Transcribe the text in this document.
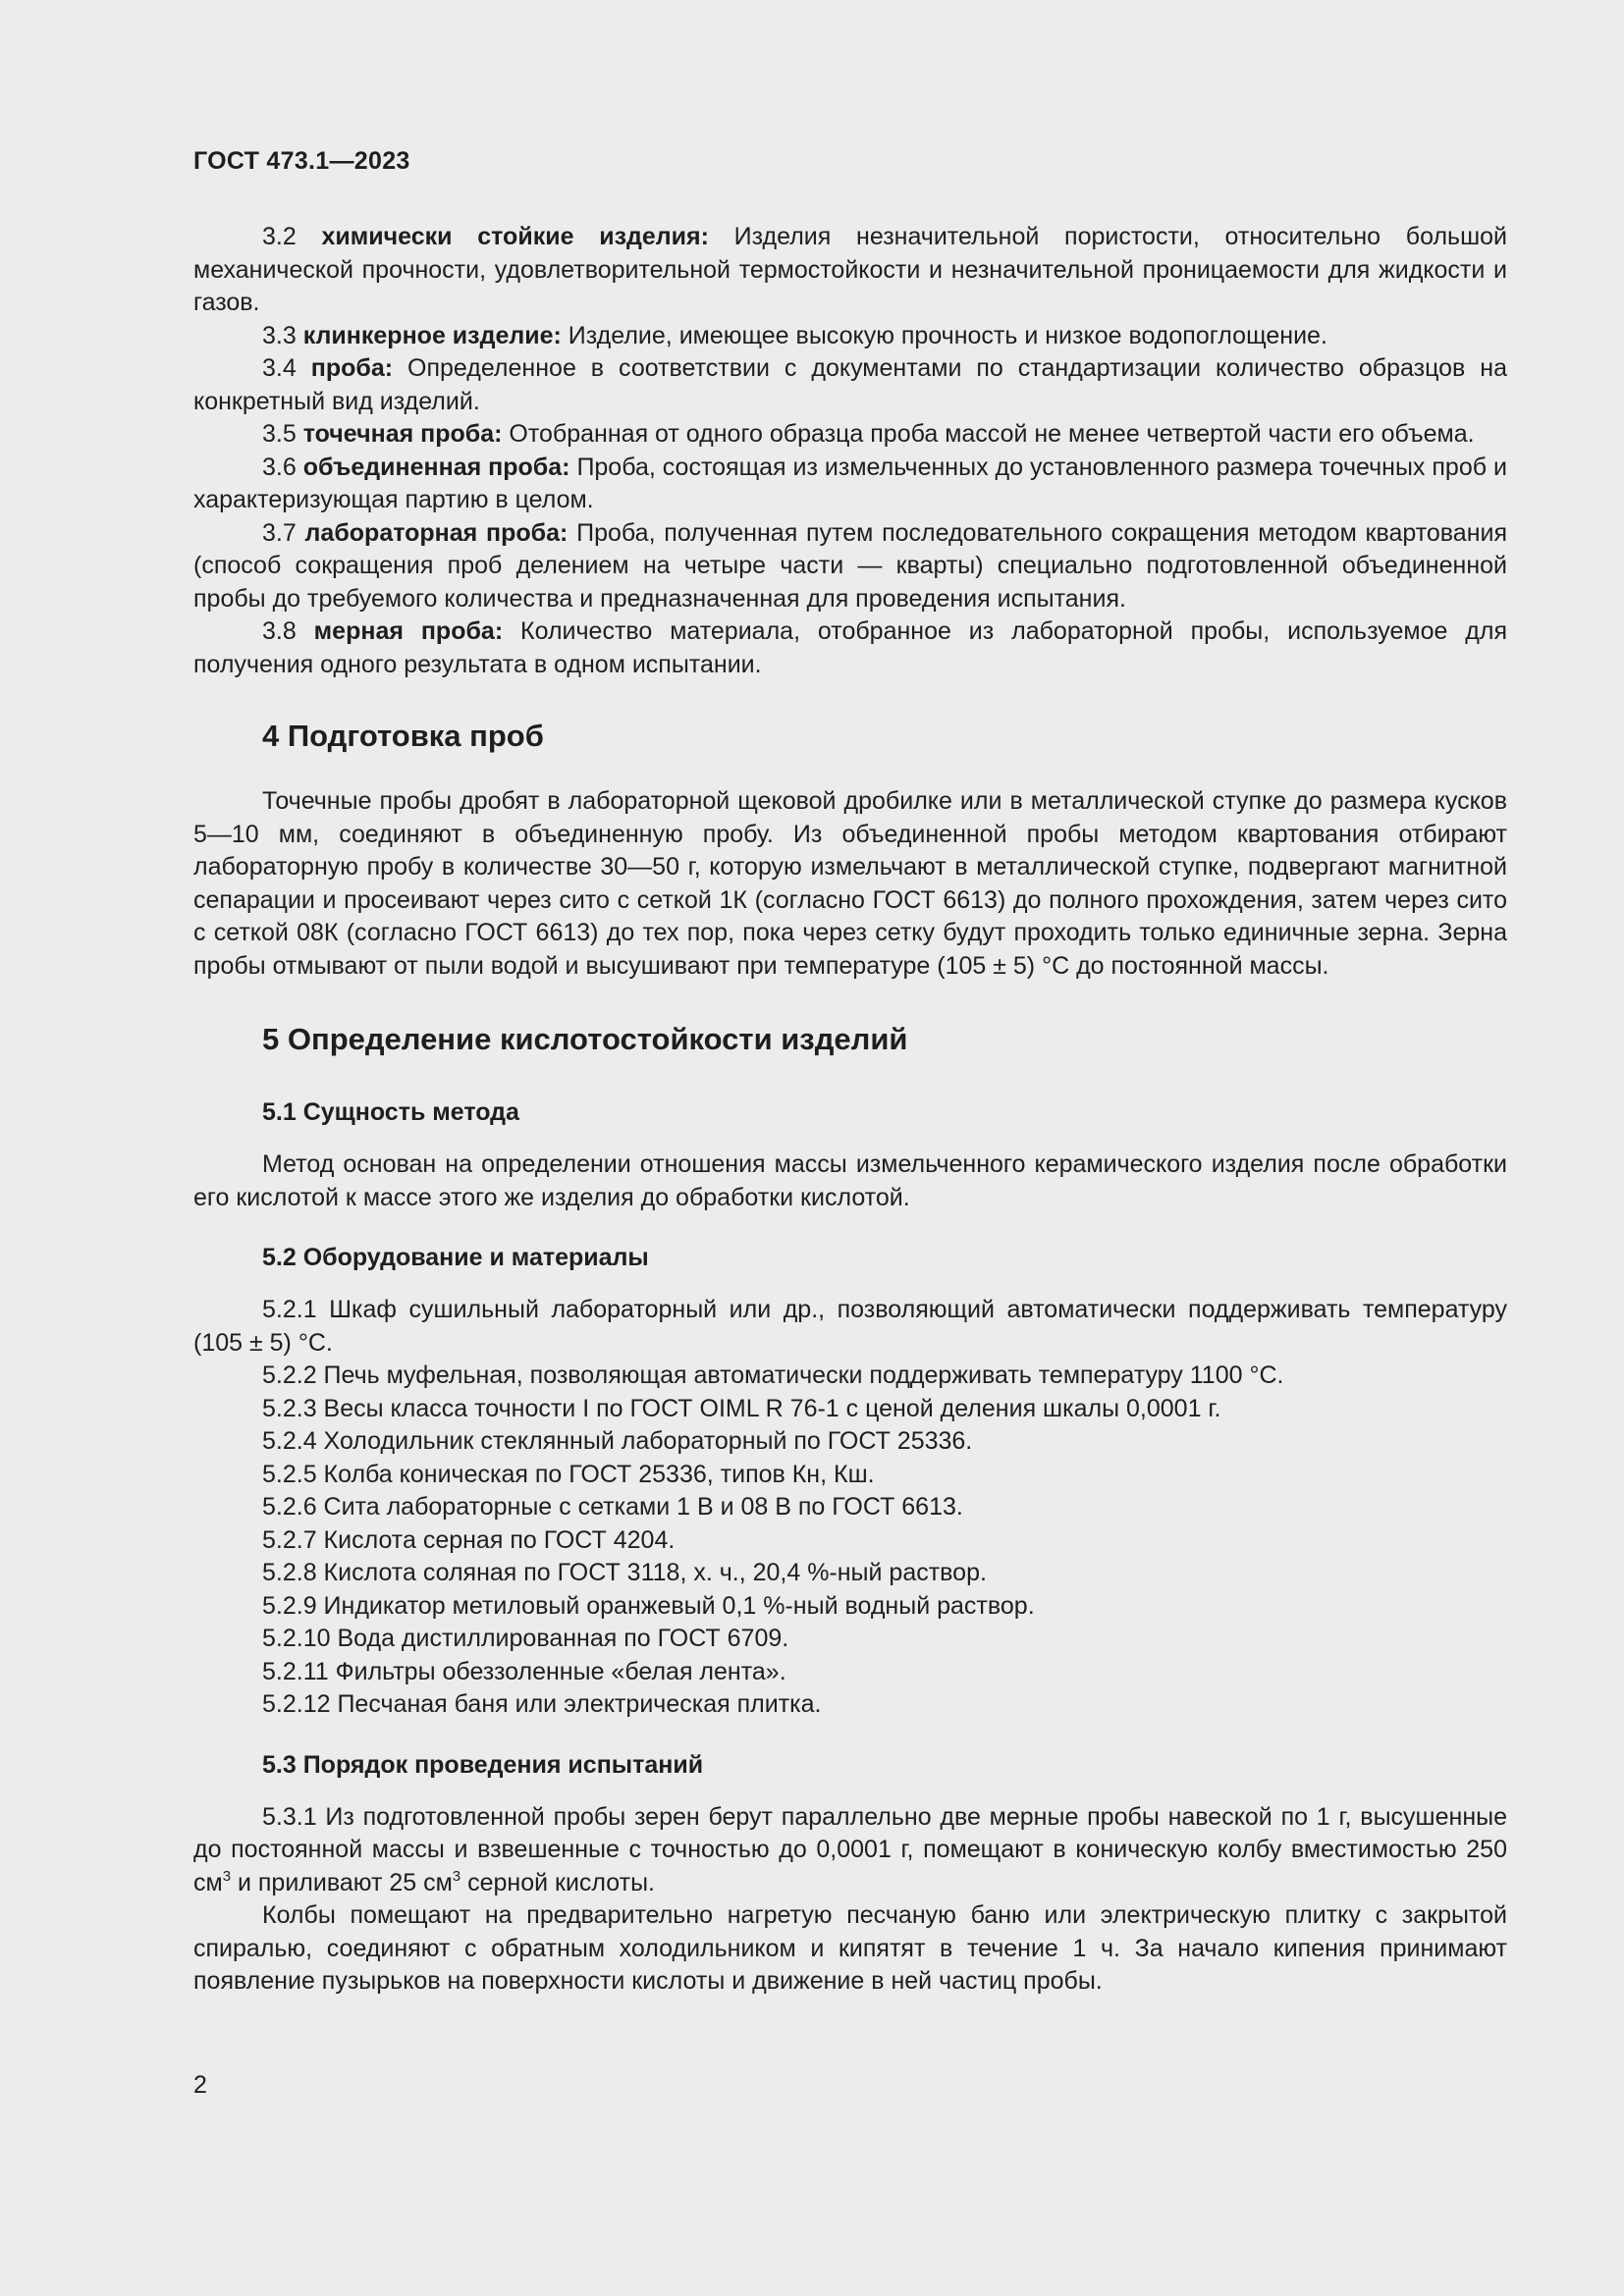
ГОСТ 473.1—2023

3.2 химически стойкие изделия: Изделия незначительной пористости, относительно большой механической прочности, удовлетворительной термостойкости и незначительной проницаемости для жидкости и газов.

3.3 клинкерное изделие: Изделие, имеющее высокую прочность и низкое водопоглощение.

3.4 проба: Определенное в соответствии с документами по стандартизации количество образцов на конкретный вид изделий.

3.5 точечная проба: Отобранная от одного образца проба массой не менее четвертой части его объема.

3.6 объединенная проба: Проба, состоящая из измельченных до установленного размера точечных проб и характеризующая партию в целом.

3.7 лабораторная проба: Проба, полученная путем последовательного сокращения методом квартования (способ сокращения проб делением на четыре части — кварты) специально подготовленной объединенной пробы до требуемого количества и предназначенная для проведения испытания.

3.8 мерная проба: Количество материала, отобранное из лабораторной пробы, используемое для получения одного результата в одном испытании.

4 Подготовка проб

Точечные пробы дробят в лабораторной щековой дробилке или в металлической ступке до размера кусков 5—10 мм, соединяют в объединенную пробу. Из объединенной пробы методом квартования отбирают лабораторную пробу в количестве 30—50 г, которую измельчают в металлической ступке, подвергают магнитной сепарации и просеивают через сито с сеткой 1К (согласно ГОСТ 6613) до полного прохождения, затем через сито с сеткой 08К (согласно ГОСТ 6613) до тех пор, пока через сетку будут проходить только единичные зерна. Зерна пробы отмывают от пыли водой и высушивают при температуре (105 ± 5) °С до постоянной массы.

5 Определение кислотостойкости изделий
5.1 Сущность метода

Метод основан на определении отношения массы измельченного керамического изделия после обработки его кислотой к массе этого же изделия до обработки кислотой.

5.2 Оборудование и материалы

5.2.1 Шкаф сушильный лабораторный или др., позволяющий автоматически поддерживать температуру (105 ± 5) °С.

5.2.2 Печь муфельная, позволяющая автоматически поддерживать температуру 1100 °С.

5.2.3 Весы класса точности I по ГОСТ OIML R 76-1 с ценой деления шкалы 0,0001 г.

5.2.4 Холодильник стеклянный лабораторный по ГОСТ 25336.

5.2.5 Колба коническая по ГОСТ 25336, типов Кн, Кш.

5.2.6 Сита лабораторные с сетками 1 В и 08 В по ГОСТ 6613.

5.2.7 Кислота серная по ГОСТ 4204.

5.2.8 Кислота соляная по ГОСТ 3118, х. ч., 20,4 %-ный раствор.

5.2.9 Индикатор метиловый оранжевый 0,1 %-ный водный раствор.

5.2.10 Вода дистиллированная по ГОСТ 6709.

5.2.11 Фильтры обеззоленные «белая лента».

5.2.12 Песчаная баня или электрическая плитка.

5.3 Порядок проведения испытаний

5.3.1 Из подготовленной пробы зерен берут параллельно две мерные пробы навеской по 1 г, высушенные до постоянной массы и взвешенные с точностью до 0,0001 г, помещают в коническую колбу вместимостью 250 $см^3$ и приливают 25 $см^3$ серной кислоты.

Колбы помещают на предварительно нагретую песчаную баню или электрическую плитку с закрытой спиралью, соединяют с обратным холодильником и кипятят в течение 1 ч. За начало кипения принимают появление пузырьков на поверхности кислоты и движение в ней частиц пробы.

2
